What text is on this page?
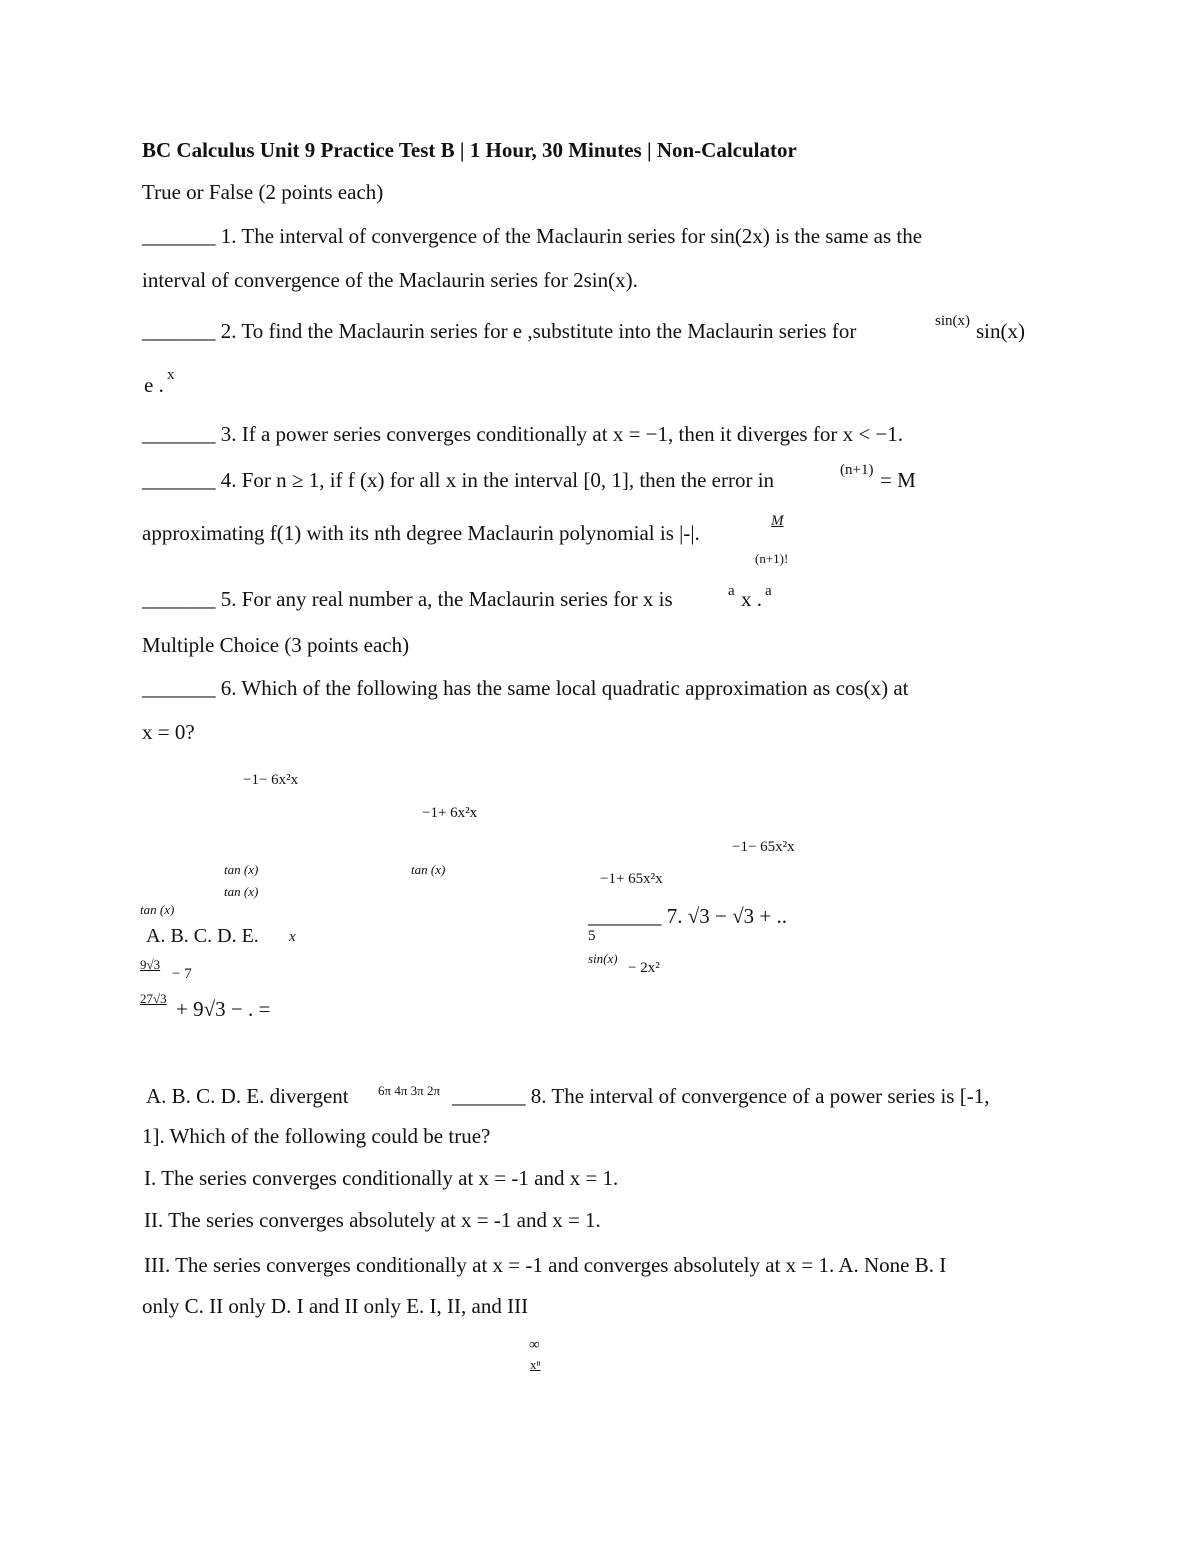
BC Calculus Unit 9 Practice Test B | 1 Hour, 30 Minutes | Non-Calculator
True or False (2 points each)
_______ 1. The interval of convergence of the Maclaurin series for sin(2x) is the same as the
interval of convergence of the Maclaurin series for 2sin(x).
_______ 2. To find the Maclaurin series for e ,substitute into the Maclaurin series for	sin(x) sin(x)
e . x
_______ 3. If a power series converges conditionally at x = −1, then it diverges for x < −1.
_______ 4. For n ≥ 1, if f (x) for all x in the interval [0, 1], then the error in	(n+1) = M
approximating f(1) with its nth degree Maclaurin polynomial is |-|.	M
(n+1)!
_______ 5. For any real number a, the Maclaurin series for x is	a x . a
Multiple Choice (3 points each)
_______ 6. Which of the following has the same local quadratic approximation as cos(x) at
x = 0?
−1− 6x²x
−1+ 6x²x
−1− 65x²x
−1+ 65x²x
tan (x)	tan (x)
tan (x)
tan (x)
A. B. C. D. E. x
_______ 7. √3 − √3 + ..
5
sin(x)
− 2x²
9√3
− 7
27√3 + 9√3 − . =
A. B. C. D. E. divergent 6π 4π 3π 2π _______ 8. The interval of convergence of a power series is [-1,
1]. Which of the following could be true?
I. The series converges conditionally at x = -1 and x = 1.
II. The series converges absolutely at x = -1 and x = 1.
III. The series converges conditionally at x = -1 and converges absolutely at x = 1. A. None B. I
only C. II only D. I and II only E. I, II, and III
∞
xⁿ
